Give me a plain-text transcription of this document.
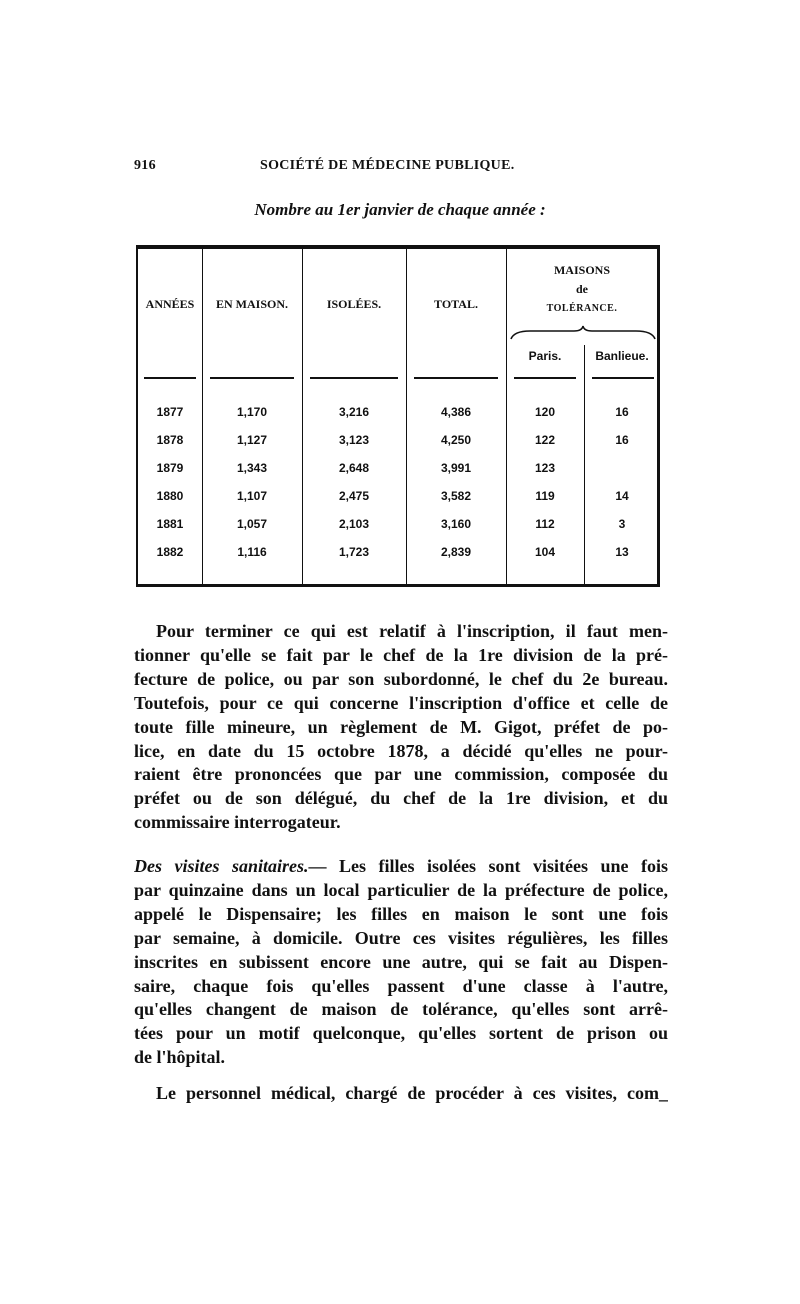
916	SOCIÉTÉ DE MÉDECINE PUBLIQUE.
Nombre au 1er janvier de chaque année :
ANNÉES	EN MAISON.	ISOLÉES.	TOTAL.
MAISONS
de
TOLÉRANCE.
Paris.	Banlieue.
1877	1,170	3,216	4,386	120	16
1878	1,127	3,123	4,250	122	16
1879	1,343	2,648	3,991	123
1880	1,107	2,475	3,582	119	14
1881	1,057	2,103	3,160	112	3
1882	1,116	1,723	2,839	104	13
Pour terminer ce qui est relatif à l'inscription, il faut men-
tionner qu'elle se fait par le chef de la 1re division de la pré-
fecture de police, ou par son subordonné, le chef du 2e bureau.
Toutefois, pour ce qui concerne l'inscription d'office et celle de
toute fille mineure, un règlement de M. Gigot, préfet de po-
lice, en date du 15 octobre 1878, a décidé qu'elles ne pour-
raient être prononcées que par une commission, composée du
préfet ou de son délégué, du chef de la 1re division, et du
commissaire interrogateur.
Des visites sanitaires.— Les filles isolées sont visitées une fois
par quinzaine dans un local particulier de la préfecture de police,
appelé le Dispensaire; les filles en maison le sont une fois
par semaine, à domicile. Outre ces visites régulières, les filles
inscrites en subissent encore une autre, qui se fait au Dispen-
saire, chaque fois qu'elles passent d'une classe à l'autre,
qu'elles changent de maison de tolérance, qu'elles sont arrê-
tées pour un motif quelconque, qu'elles sortent de prison ou
de l'hôpital.
Le personnel médical, chargé de procéder à ces visites, com_
